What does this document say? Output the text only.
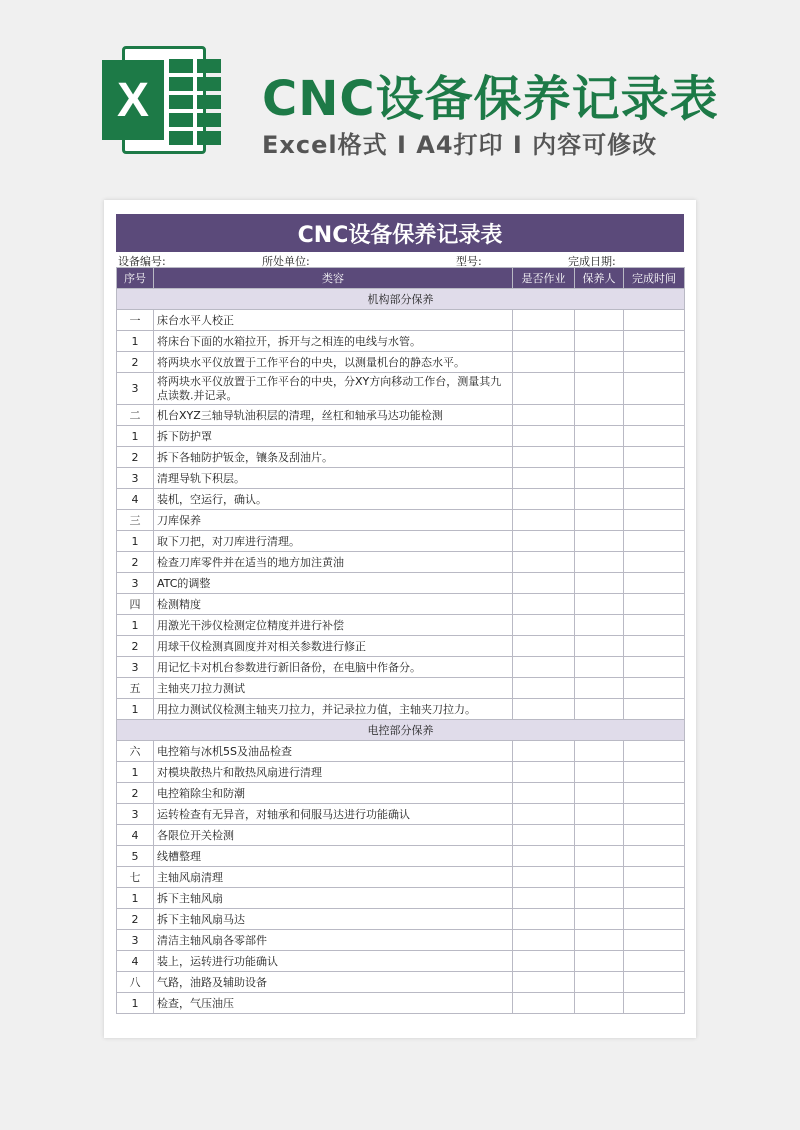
X	CNC设备保养记录表
Excel格式 I A4打印 I 内容可修改
CNC设备保养记录表
设备编号:	所处单位:	型号:	完成日期:
序号	类容	是否作业	保养人	完成时间
机构部分保养				
一	床台水平人校正			
1	将床台下面的水箱拉开，拆开与之相连的电线与水管。			
2	将两块水平仪放置于工作平台的中央，以测量机台的静态水平。			
3	将两块水平仪放置于工作平台的中央，分XY方向移动工作台，测量其九点读数.并记录。			
二	机台XYZ三轴导轨油积层的清理，丝杠和轴承马达功能检测			
1	拆下防护罩			
2	拆下各轴防护钣金，镶条及刮油片。			
3	清理导轨下积层。			
4	装机，空运行，确认。			
三	刀库保养			
1	取下刀把，对刀库进行清理。			
2	检查刀库零件并在适当的地方加注黄油			
3	ATC的调整			
四	检测精度			
1	用激光干涉仪检测定位精度并进行补偿			
2	用球干仪检测真圆度并对相关参数进行修正			
3	用记忆卡对机台参数进行新旧备份，在电脑中作备分。			
五	主轴夹刀拉力测试			
1	用拉力测试仪检测主轴夹刀拉力，并记录拉力值，主轴夹刀拉力。			
电控部分保养				
六	电控箱与冰机5S及油品检查			
1	对模块散热片和散热风扇进行清理			
2	电控箱除尘和防潮			
3	运转检查有无异音，对轴承和伺服马达进行功能确认			
4	各限位开关检测			
5	线槽整理			
七	主轴风扇清理			
1	拆下主轴风扇			
2	拆下主轴风扇马达			
3	清洁主轴风扇各零部件			
4	装上，运转进行功能确认			
八	气路，油路及辅助设备			
1	检查，气压油压			
